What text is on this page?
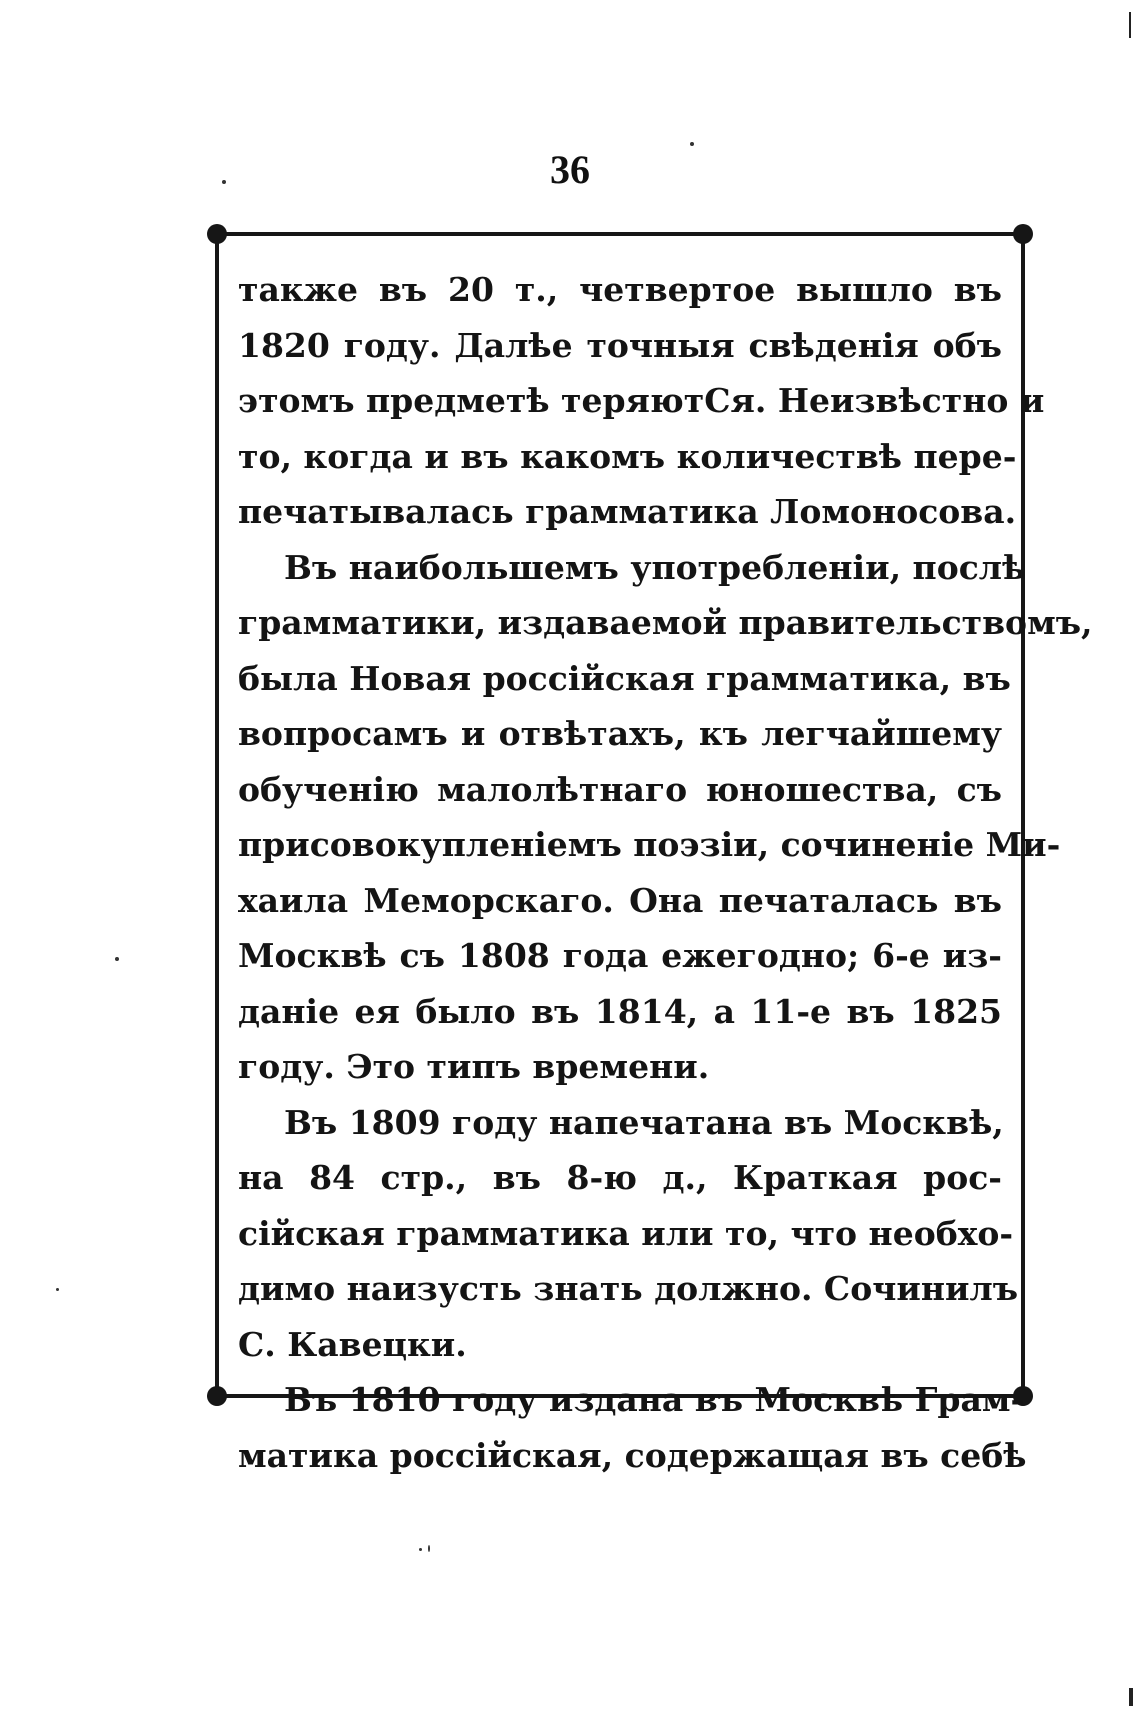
36
также въ 20 т., четвертое вышло въ
1820 году. Далѣе точныя свѣденія объ
этомъ предметѣ теряютСя. Неизвѣстно и
то, когда и въ какомъ количествѣ пере-
печатывалась грамматика Ломоносова.
Въ наибольшемъ употребленіи, послѣ
грамматики, издаваемой правительствомъ,
была Новая россійская грамматика, въ
вопросамъ и отвѣтахъ, къ легчайшему
обученію малолѣтнаго юношества, съ
присовокупленіемъ поэзіи, сочиненіе Ми-
хаила Меморскаго. Она печаталась въ
Москвѣ съ 1808 года ежегодно; 6-е из-
даніе ея было въ 1814, а 11-е въ 1825
году. Это типъ времени.
Въ 1809 году напечатана въ Москвѣ,
на 84 стр., въ 8-ю д., Краткая рос-
сійская грамматика или то, что необхо-
димо наизусть знать должно. Сочинилъ
С. Кавецки.
Въ 1810 году издана въ Москвѣ Грам-
матика россійская, содержащая въ себѣ
